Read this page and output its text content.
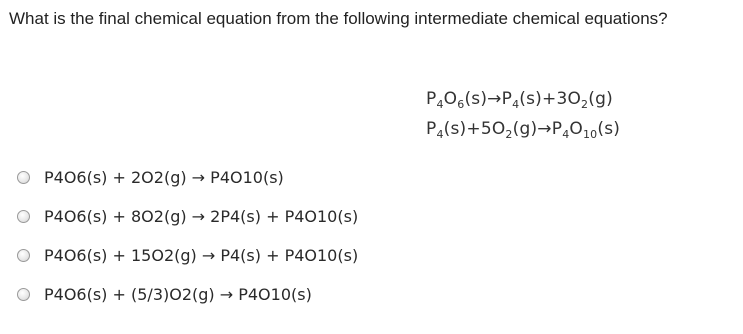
What is the final chemical equation from the following intermediate chemical equations?
$P_4O_6(s)\to P_4(s)+3O_2(g)$
$P_4(s)+5O_2(g)\to P_4O_{10}(s)$
P4O6(s) + 2O2(g) → P4O10(s)
P4O6(s) + 8O2(g) → 2P4(s) + P4O10(s)
P4O6(s) + 15O2(g) → P4(s) + P4O10(s)
P4O6(s) + (5/3)O2(g) → P4O10(s)
